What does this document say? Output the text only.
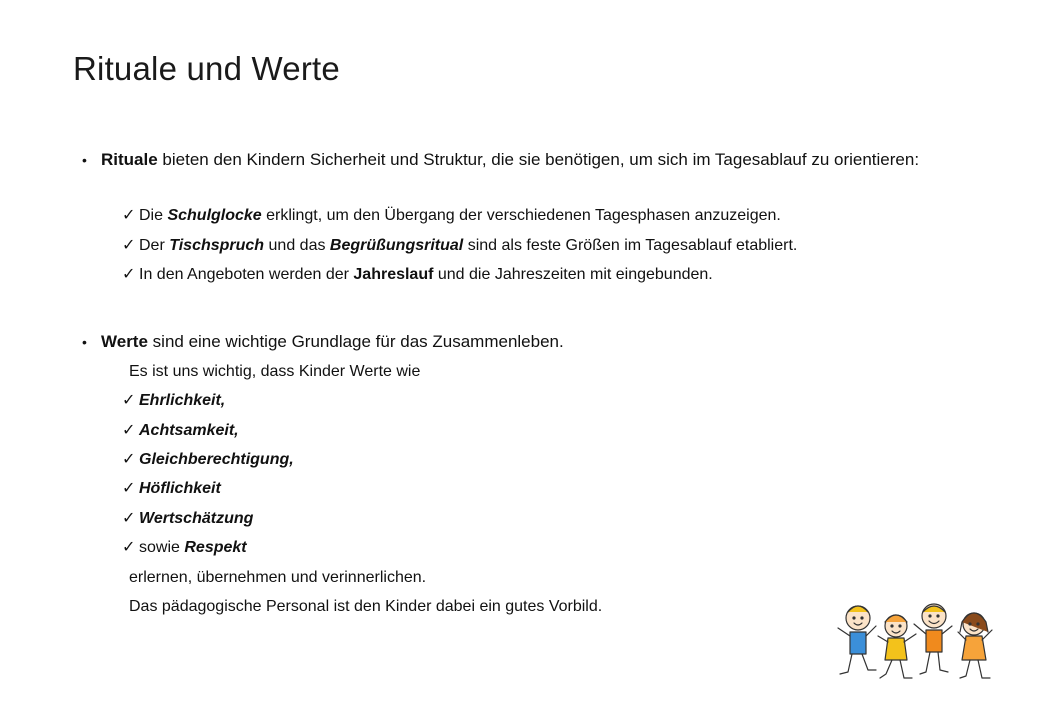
Rituale und Werte
• Rituale bieten den Kindern Sicherheit und Struktur, die sie benötigen, um sich im Tagesablauf zu orientieren:
✓ Die Schulglocke erklingt, um den Übergang der verschiedenen Tagesphasen anzuzeigen.
✓ Der Tischspruch und das Begrüßungsritual sind als feste Größen im Tagesablauf etabliert.
✓ In den Angeboten werden der Jahreslauf und die Jahreszeiten mit eingebunden.
• Werte sind eine wichtige Grundlage für das Zusammenleben.
Es ist uns wichtig, dass Kinder Werte wie
✓ Ehrlichkeit,
✓ Achtsamkeit,
✓ Gleichberechtigung,
✓ Höflichkeit
✓ Wertschätzung
✓ sowie Respekt
erlernen, übernehmen und verinnerlichen.
Das pädagogische Personal ist den Kinder dabei ein gutes Vorbild.
